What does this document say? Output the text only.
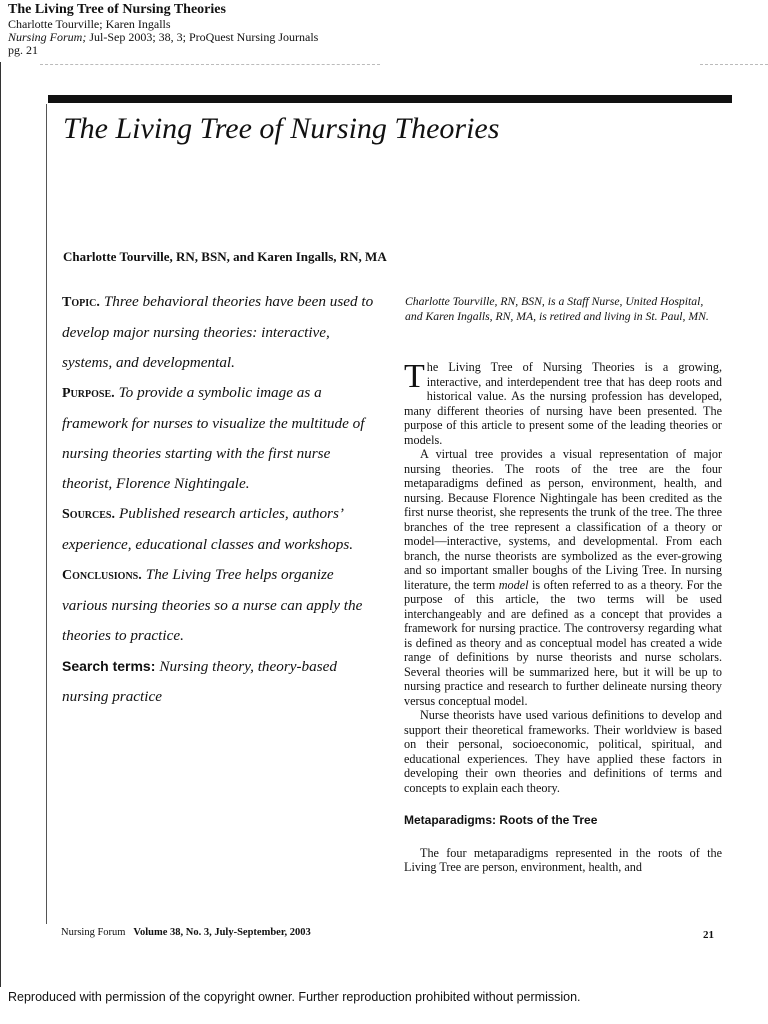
The Living Tree of Nursing Theories
Charlotte Tourville; Karen Ingalls
Nursing Forum; Jul-Sep 2003; 38, 3; ProQuest Nursing Journals
pg. 21
The Living Tree of Nursing Theories
Charlotte Tourville, RN, BSN, and Karen Ingalls, RN, MA

Topic. Three behavioral theories have been used to develop major nursing theories: interactive, systems, and developmental.

Purpose. To provide a symbolic image as a framework for nurses to visualize the multitude of nursing theories starting with the first nurse theorist, Florence Nightingale.

Sources. Published research articles, authors’ experience, educational classes and workshops.

Conclusions. The Living Tree helps organize various nursing theories so a nurse can apply the theories to practice.

Search terms: Nursing theory, theory-based nursing practice

Charlotte Tourville, RN, BSN, is a Staff Nurse, United Hospital, and Karen Ingalls, RN, MA, is retired and living in St. Paul, MN.

The Living Tree of Nursing Theories is a growing, interactive, and interdependent tree that has deep roots and historical value. As the nursing profession has developed, many different theories of nursing have been presented. The purpose of this article to present some of the leading theories or models.

A virtual tree provides a visual representation of major nursing theories. The roots of the tree are the four metaparadigms defined as person, environment, health, and nursing. Because Florence Nightingale has been credited as the first nurse theorist, she represents the trunk of the tree. The three branches of the tree represent a classification of a theory or model—interactive, systems, and developmental. From each branch, the nurse theorists are symbolized as the ever-growing and so important smaller boughs of the Living Tree. In nursing literature, the term model is often referred to as a theory. For the purpose of this article, the two terms will be used interchangeably and are defined as a concept that provides a framework for nursing practice. The controversy regarding what is defined as theory and as conceptual model has created a wide range of definitions by nurse theorists and nurse scholars. Several theories will be summarized here, but it will be up to nursing practice and research to further delineate nursing theory versus conceptual model.

Nurse theorists have used various definitions to develop and support their theoretical frameworks. Their worldview is based on their personal, socioeconomic, political, spiritual, and educational experiences. They have applied these factors in developing their own theories and definitions of terms and concepts to explain each theory.

Metaparadigms: Roots of the Tree

The four metaparadigms represented in the roots of the Living Tree are person, environment, health, and

Nursing Forum Volume 38, No. 3, July-September, 2003	21
Reproduced with permission of the copyright owner. Further reproduction prohibited without permission.
